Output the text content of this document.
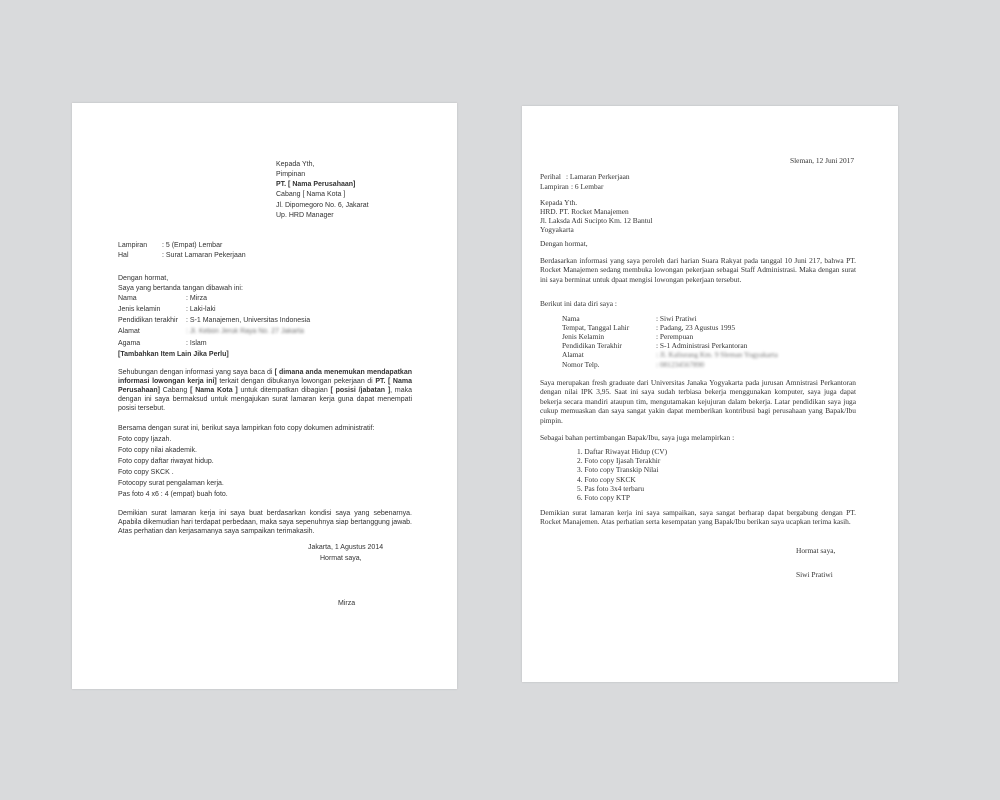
Kepada Yth,
Pimpinan
PT. [ Nama Perusahaan]
Cabang [ Nama Kota ]
Jl. Dipomegoro No. 6, Jakarat
Up. HRD Manager
Lampiran : 5 (Empat) Lembar
Hal	: Surat Lamaran Pekerjaan
Dengan hormat,
Saya yang bertanda tangan dibawah ini:
Nama	: Mirza
Jenis kelamin	: Laki-laki
Pendidikan terakhir : S-1 Manajemen, Universitas Indonesia
Alamat	: Jl. Kebon Jeruk Raya No. 27 Jakarta
Agama	: Islam
[Tambahkan Item Lain Jika Perlu]
Sehubungan dengan informasi yang saya baca di [ dimana anda menemukan mendapatkan informasi lowongan kerja ini] terkait dengan dibukanya lowongan pekerjaan di PT. [ Nama Perusahaan] Cabang [ Nama Kota ] untuk ditempatkan dibagian [ posisi /jabatan ], maka dengan ini saya bermaksud untuk mengajukan surat lamaran kerja guna dapat menempati posisi tersebut.
Bersama dengan surat ini, berikut saya lampirkan foto copy dokumen administratif:
Foto copy Ijazah.
Foto copy nilai akademik.
Foto copy daftar riwayat hidup.
Foto copy SKCK .
Fotocopy surat pengalaman kerja.
Pas foto 4 x6 : 4 (empat) buah foto.
Demikian surat lamaran kerja ini saya buat berdasarkan kondisi saya yang sebenarnya. Apabila dikemudian hari terdapat perbedaan, maka saya sepenuhnya siap bertanggung jawab. Atas perhatian dan kerjasamanya saya sampaikan terimakasih.
Jakarta, 1 Agustus 2014
Hormat saya,
Mirza
Sleman, 12 Juni 2017
Perihal : Lamaran Perkerjaan
Lampiran : 6 Lembar
Kepada Yth.
HRD. PT. Rocket Manajemen
Jl. Laksda Adi Sucipto Km. 12 Bantul
Yogyakarta
Dengan hormat,
Berdasarkan informasi yang saya peroleh dari harian Suara Rakyat pada tanggal 10 Juni 217, bahwa PT. Rocket Manajemen sedang membuka lowongan pekerjaan sebagai Staff Administrasi. Maka dengan surat ini saya berminat untuk dpaat mengisi lowongan pekerjaan tersebut.
Berikut ini data diri saya :
Nama	: Siwi Pratiwi
Tempat, Tanggal Lahir	: Padang, 23 Agustus 1995
Jenis Kelamin	: Perempuan
Pendidikan Terakhir	: S-1 Administrasi Perkantoran
Alamat	: Jl. Kaliurang Km. 9 Sleman Yogyakarta
Nomor Telp.	: 081234567890
Saya merupakan fresh graduate dari Universitas Janaka Yogyakarta pada jurusan Amnistrasi Perkantoran dengan nilai IPK 3,95. Saat ini saya sudah terbiasa bekerja menggunakan komputer, saya juga dapat bekerja secara mandiri ataupun tim, mengutamakan kejujuran dalam bekerja. Latar pendidikan saya juga cukup memuaskan dan saya sangat yakin dapat memberikan kontribusi bagi perusahaan yang Bapak/Ibu pimpin.
Sebagai bahan pertimbangan Bapak/Ibu, saya juga melampirkan :
1. Daftar Riwayat Hidup (CV)
2. Foto copy Ijasah Terakhir
3. Foto copy Transkip Nilai
4. Foto copy SKCK
5. Pas foto 3x4 terbaru
6. Foto copy KTP
Demikian surat lamaran kerja ini saya sampaikan, saya sangat berharap dapat bergabung dengan PT. Rocket Manajemen. Atas perhatian serta kesempatan yang Bapak/Ibu berikan saya ucapkan terima kasih.
Hormat saya,
Siwi Pratiwi
